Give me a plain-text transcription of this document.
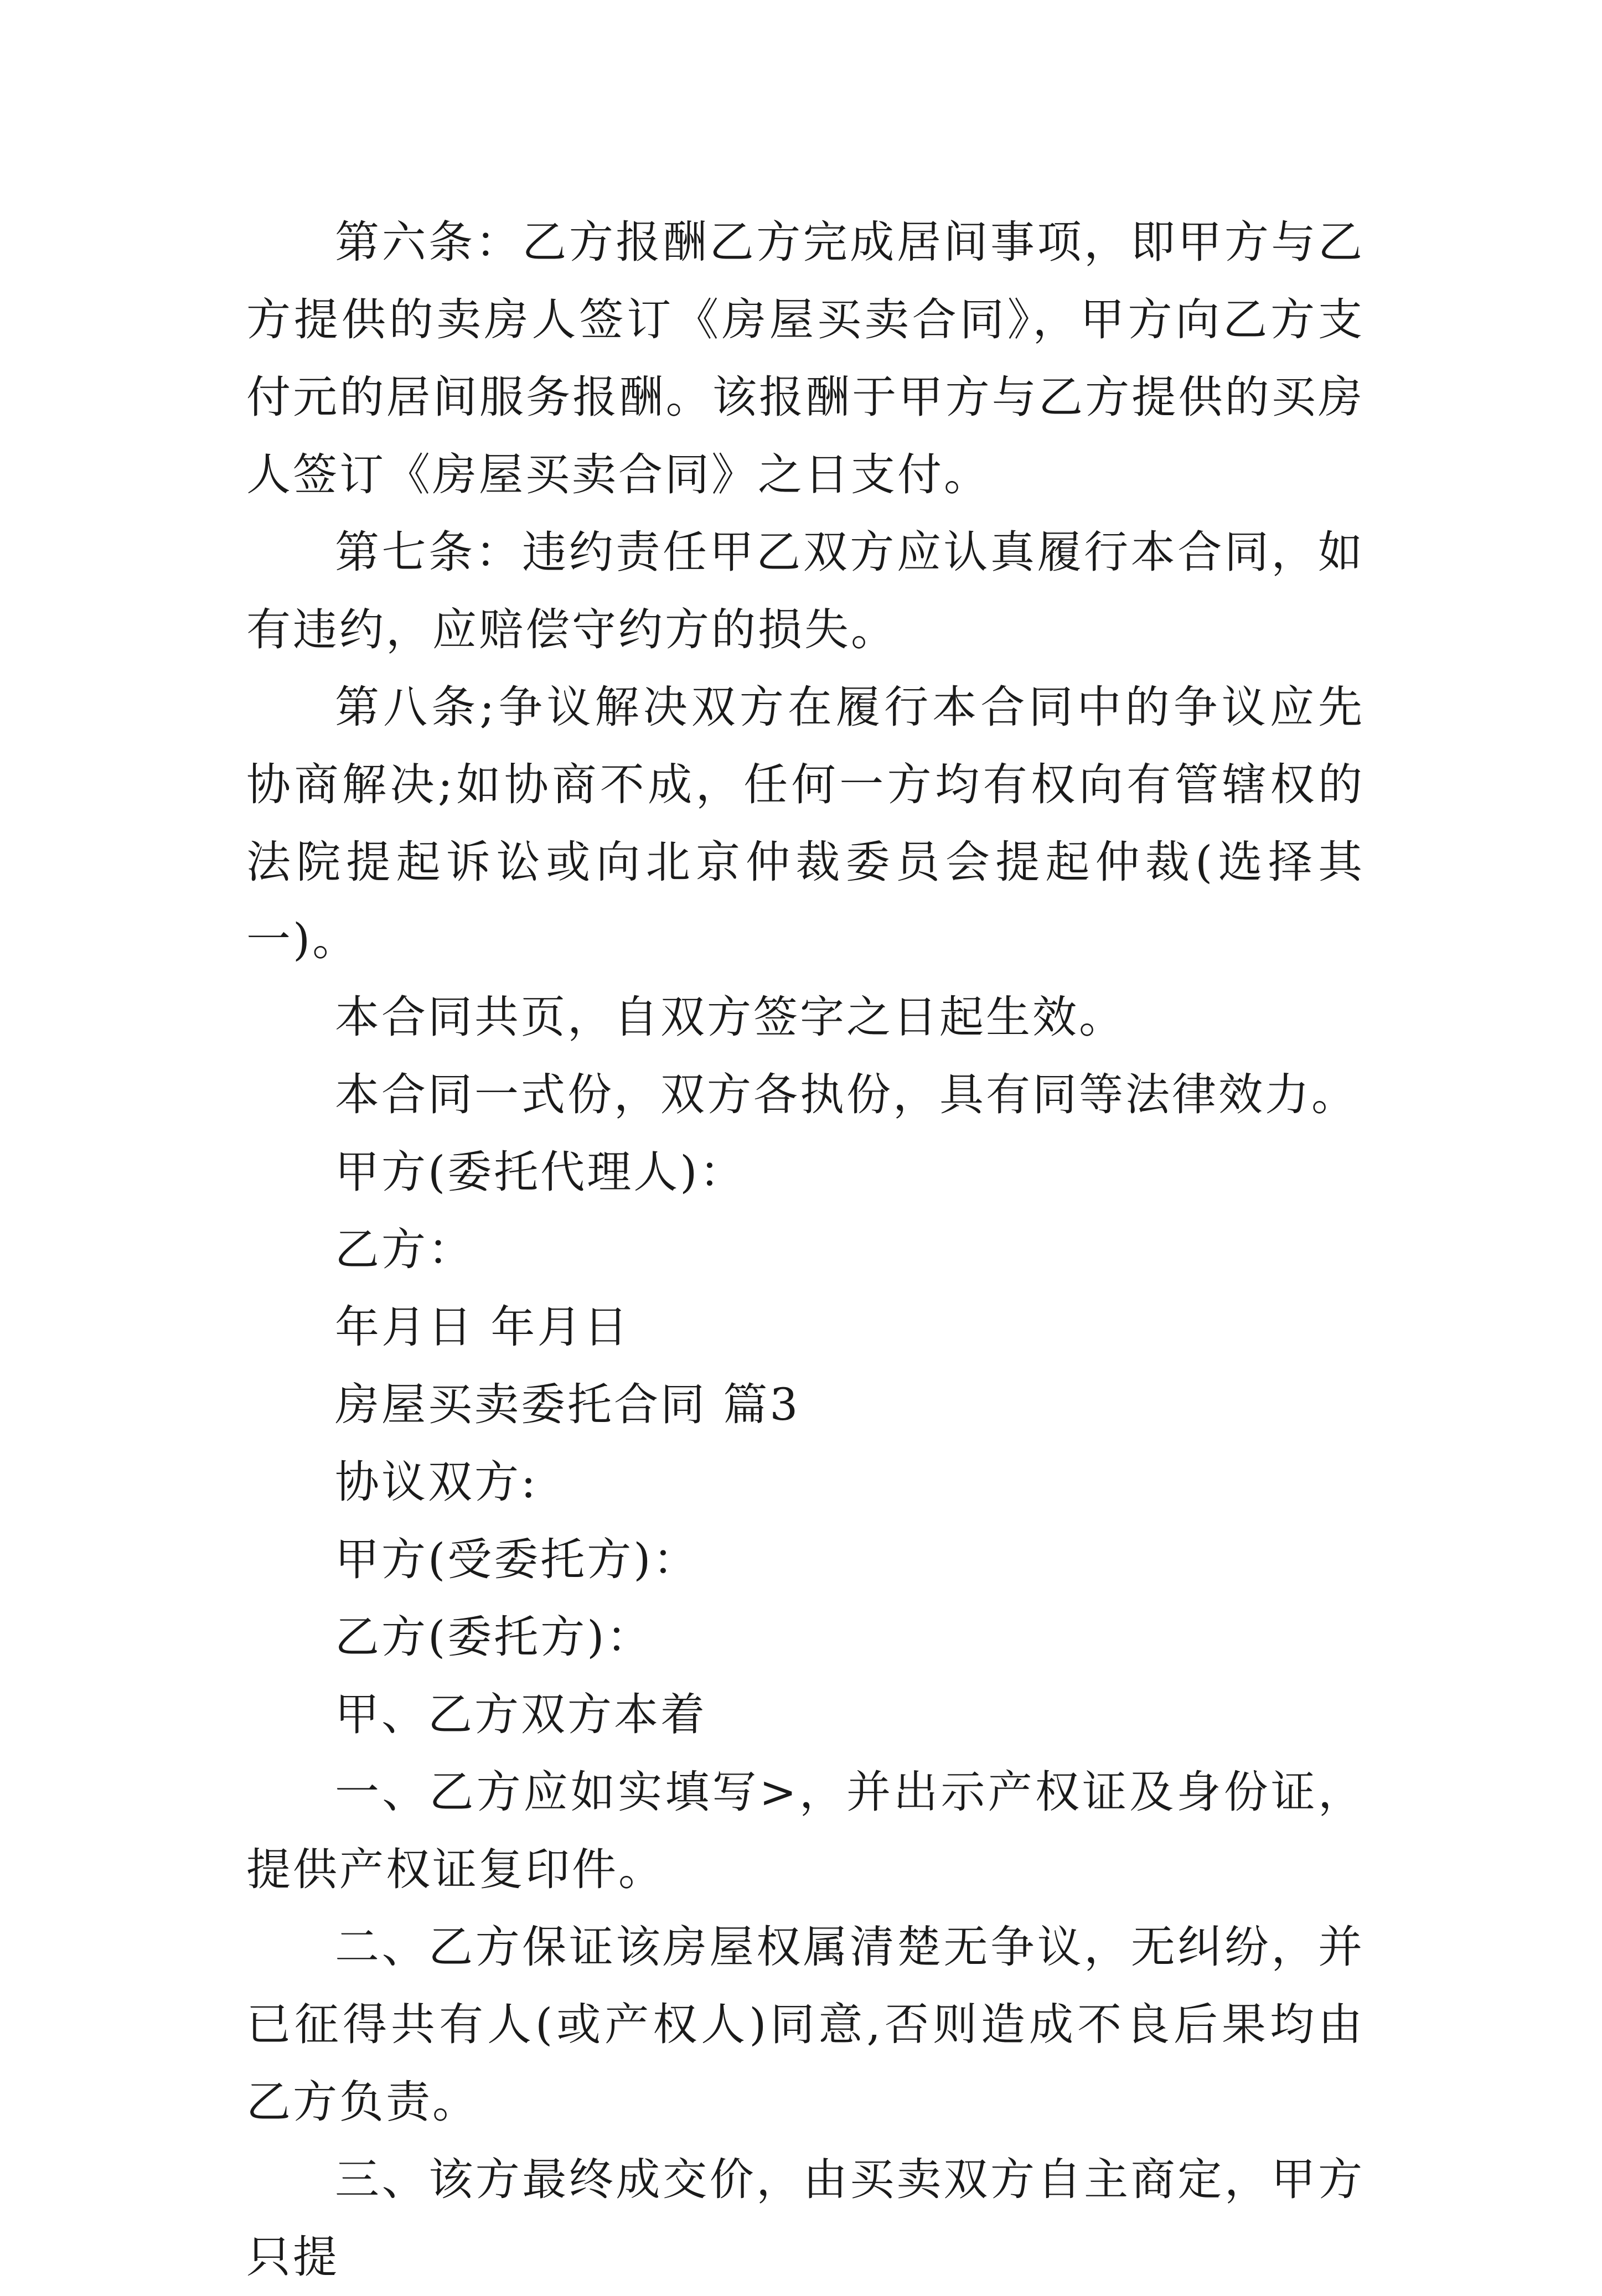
第六条：乙方报酬乙方完成居间事项，即甲方与乙方提供的卖房人签订《房屋买卖合同》，甲方向乙方支付元的居间服务报酬。该报酬于甲方与乙方提供的买房人签订《房屋买卖合同》之日支付。

第七条：违约责任甲乙双方应认真履行本合同，如有违约，应赔偿守约方的损失。

第八条;争议解决双方在履行本合同中的争议应先协商解决;如协商不成，任何一方均有权向有管辖权的法院提起诉讼或向北京仲裁委员会提起仲裁(选择其一)。

本合同共页，自双方签字之日起生效。

本合同一式份，双方各执份，具有同等法律效力。

甲方(委托代理人)：

乙方：

年月日 年月日

房屋买卖委托合同 篇3

协议双方:

甲方(受委托方)：

乙方(委托方)：

甲、乙方双方本着

一、乙方应如实填写>，并出示产权证及身份证，提供产权证复印件。

二、乙方保证该房屋权属清楚无争议，无纠纷，并已征得共有人(或产权人)同意,否则造成不良后果均由乙方负责。

三、该方最终成交价，由买卖双方自主商定，甲方只提
